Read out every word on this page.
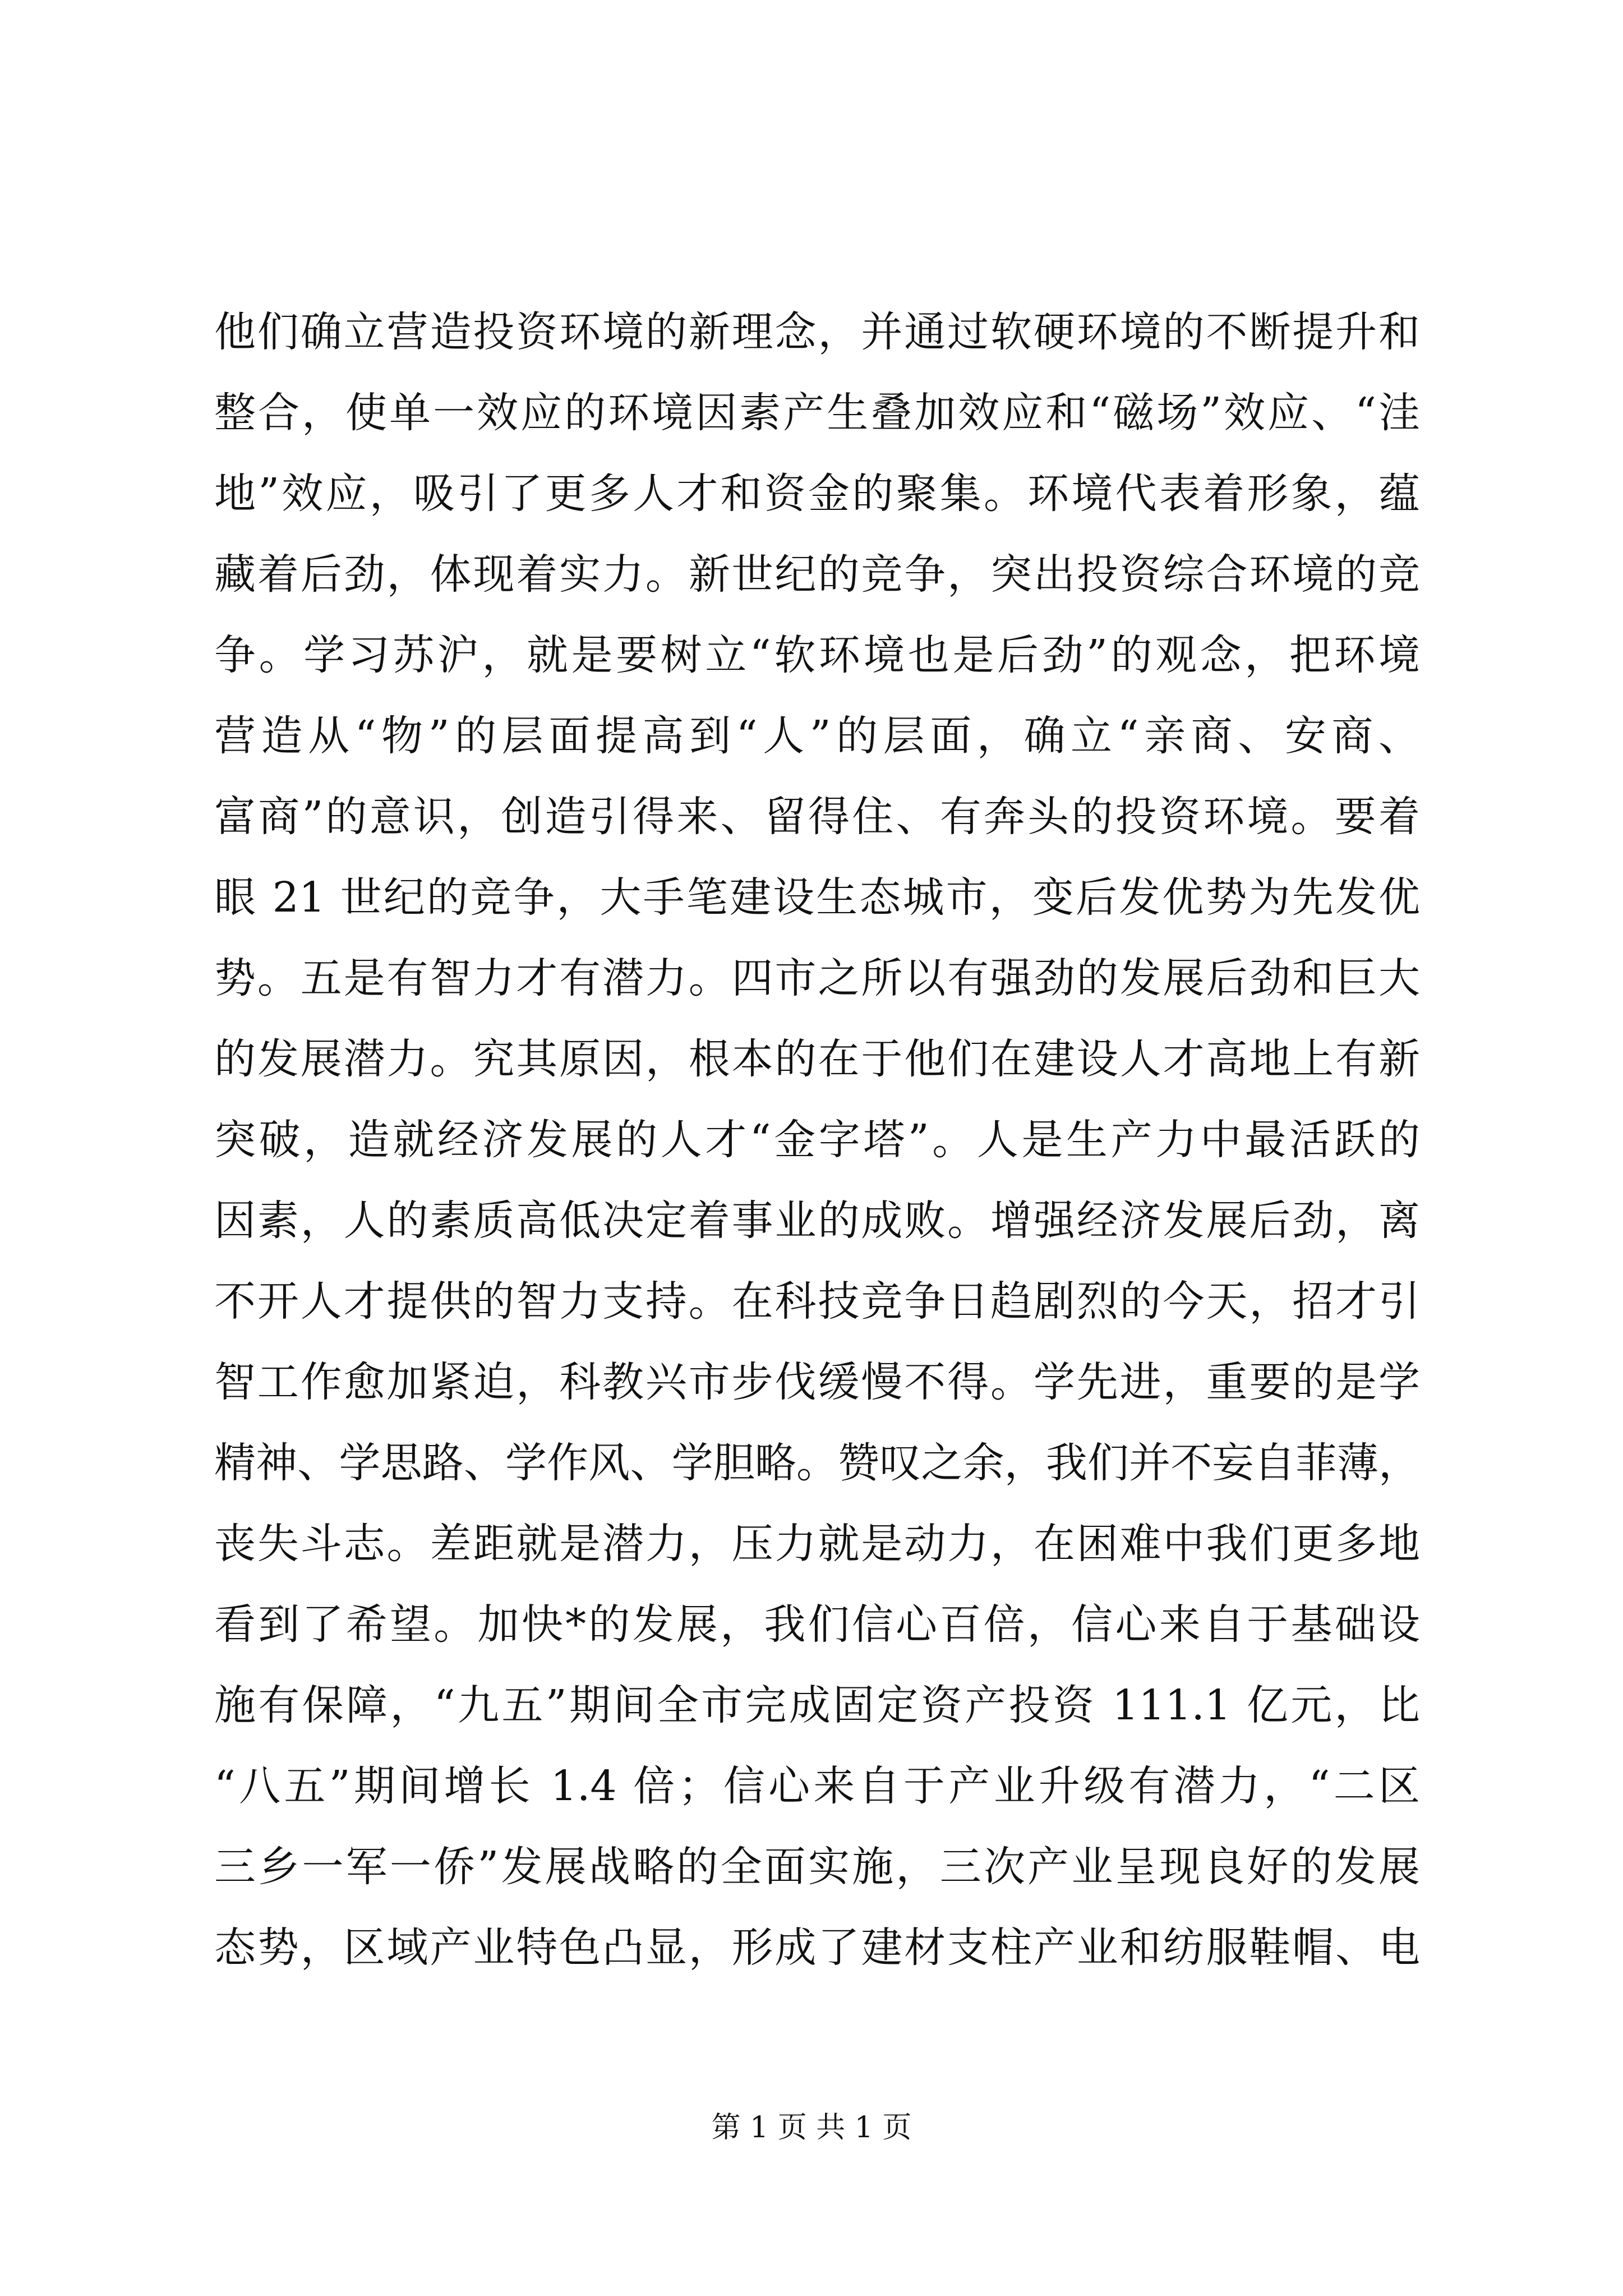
他们确立营造投资环境的新理念，并通过软硬环境的不断提升和
整合，使单一效应的环境因素产生叠加效应和“磁场”效应、“洼
地”效应，吸引了更多人才和资金的聚集。环境代表着形象，蕴
藏着后劲，体现着实力。新世纪的竞争，突出投资综合环境的竞
争。学习苏沪，就是要树立“软环境也是后劲”的观念，把环境
营造从“物”的层面提高到“人”的层面，确立“亲商、安商、
富商”的意识，创造引得来、留得住、有奔头的投资环境。要着
眼 21 世纪的竞争，大手笔建设生态城市，变后发优势为先发优
势。五是有智力才有潜力。四市之所以有强劲的发展后劲和巨大
的发展潜力。究其原因，根本的在于他们在建设人才高地上有新
突破，造就经济发展的人才“金字塔”。人是生产力中最活跃的
因素，人的素质高低决定着事业的成败。增强经济发展后劲，离
不开人才提供的智力支持。在科技竞争日趋剧烈的今天，招才引
智工作愈加紧迫，科教兴市步伐缓慢不得。学先进，重要的是学
精神、学思路、学作风、学胆略。赞叹之余，我们并不妄自菲薄，
丧失斗志。差距就是潜力，压力就是动力，在困难中我们更多地
看到了希望。加快*的发展，我们信心百倍，信心来自于基础设
施有保障，“九五”期间全市完成固定资产投资 111.1 亿元，比
“八五”期间增长 1.4 倍；信心来自于产业升级有潜力，“二区
三乡一军一侨”发展战略的全面实施，三次产业呈现良好的发展
态势，区域产业特色凸显，形成了建材支柱产业和纺服鞋帽、电
第 1 页 共 1 页
